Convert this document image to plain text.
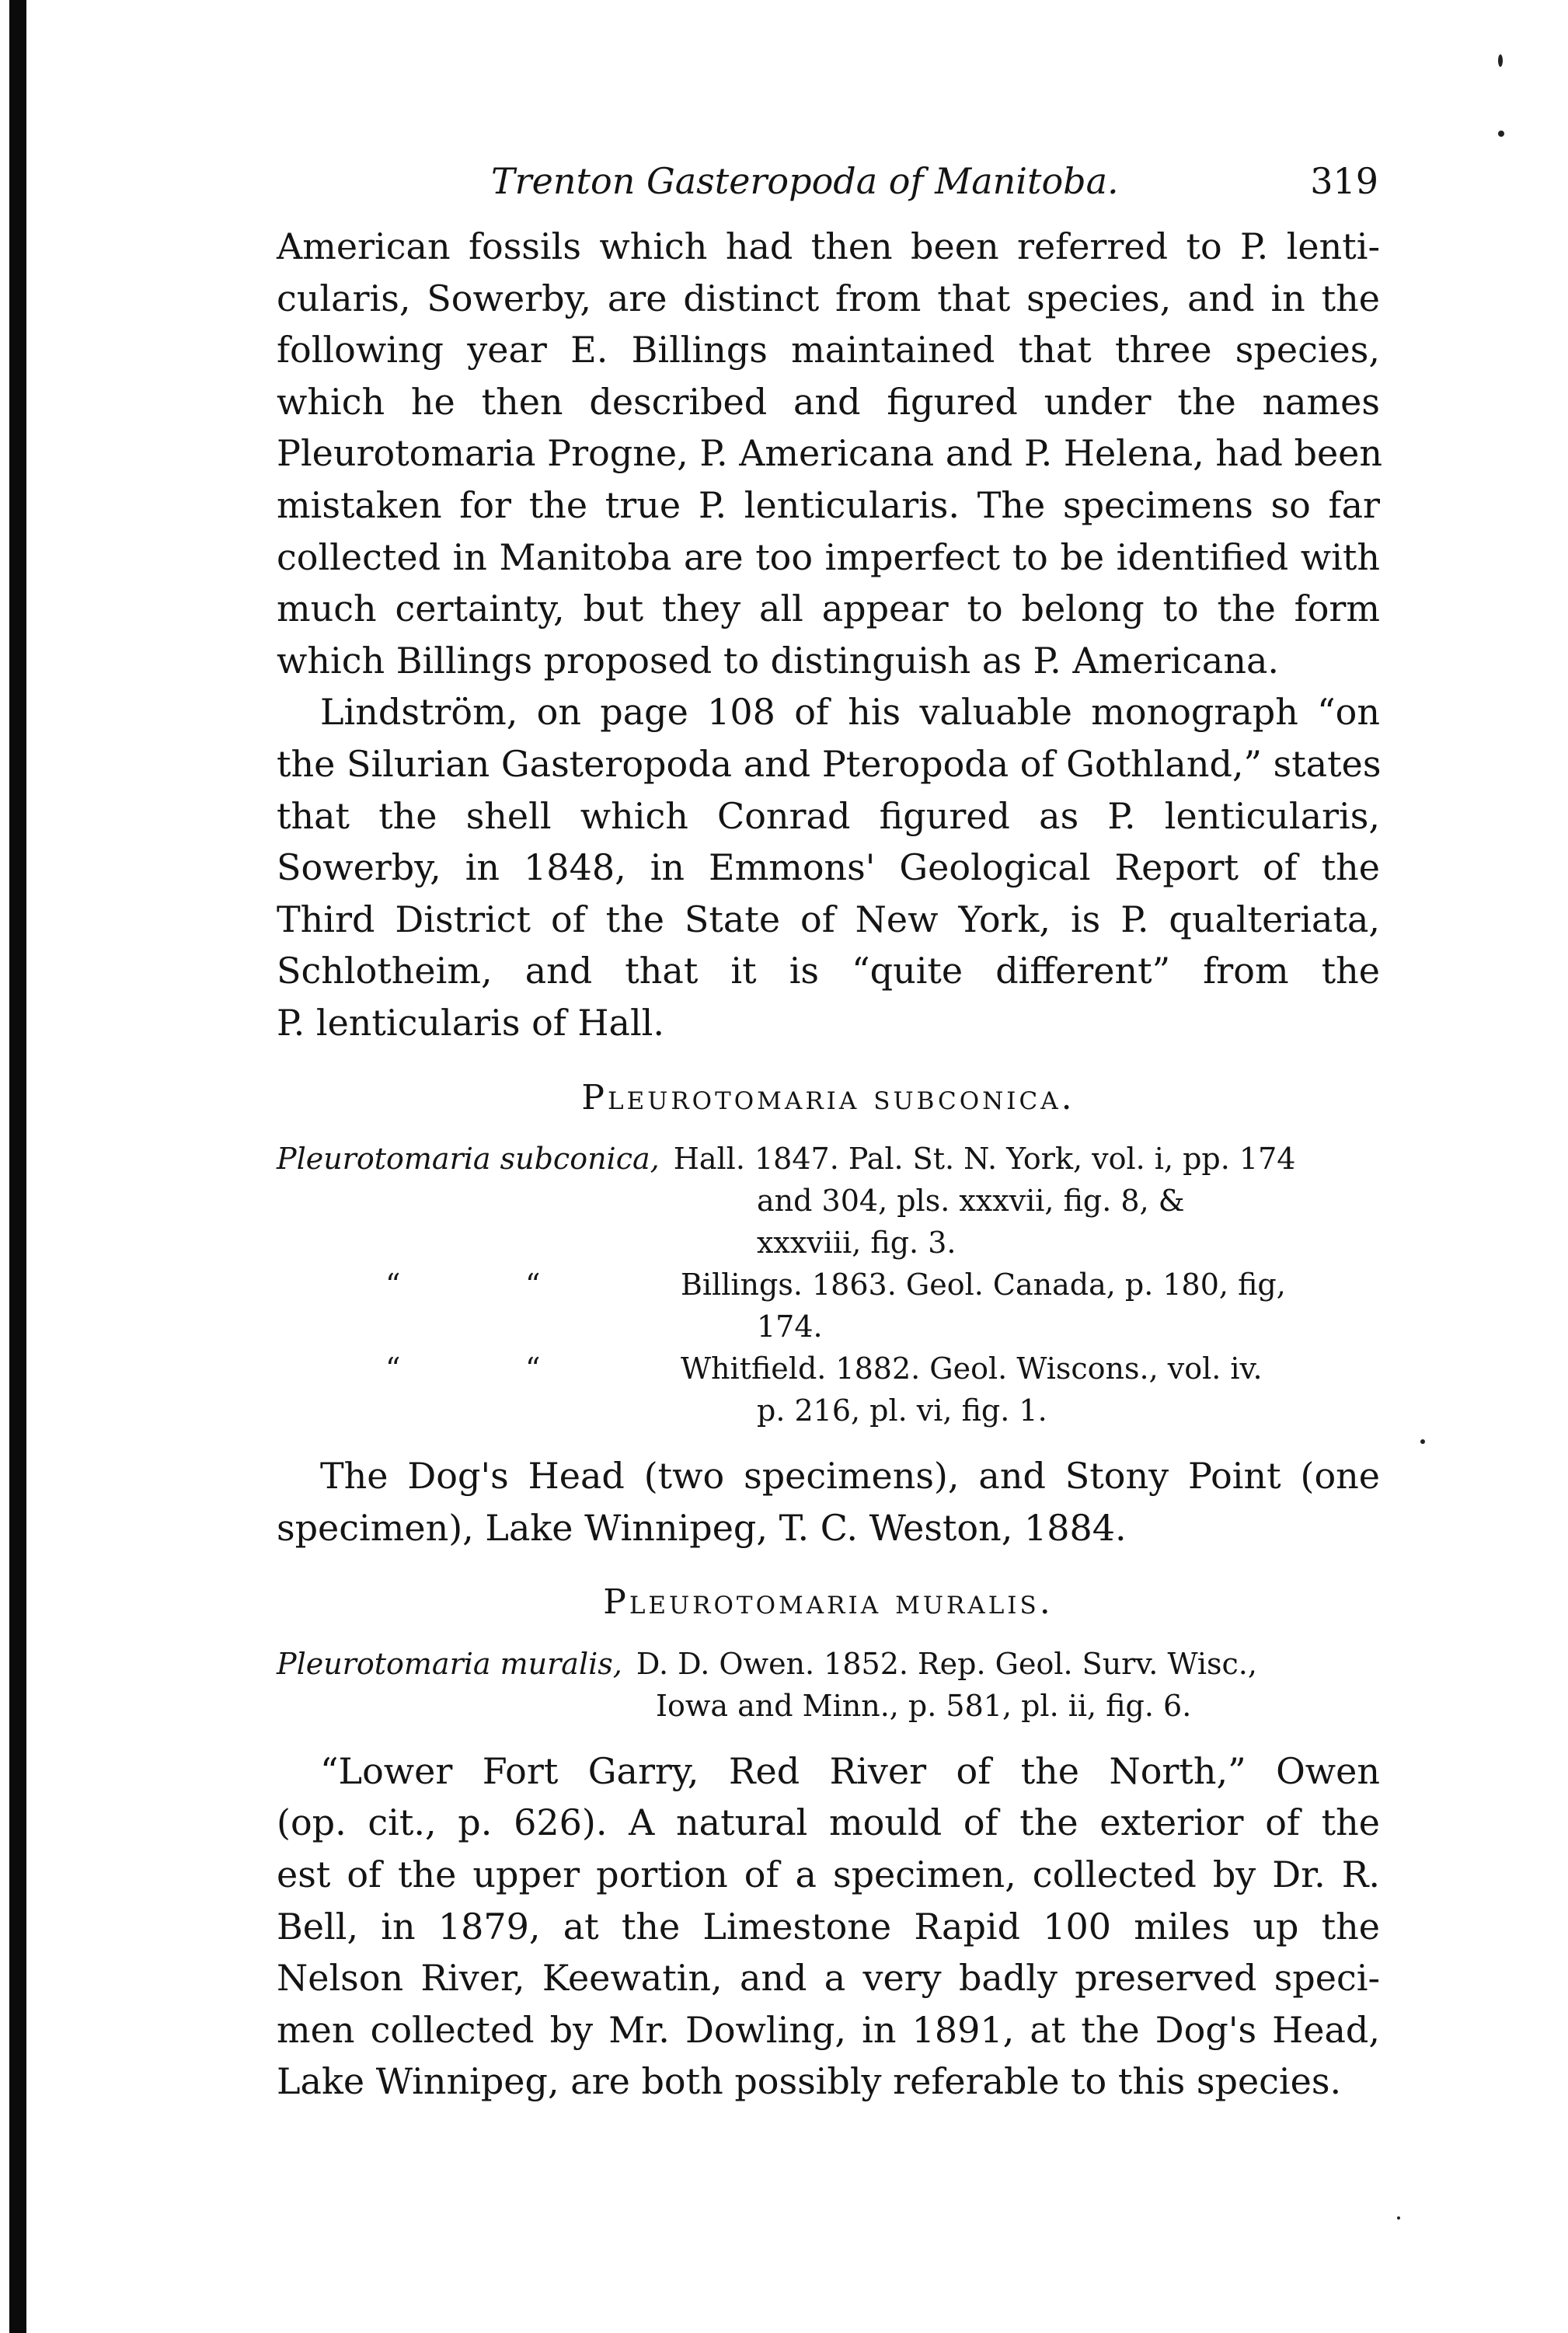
Trenton Gasteropoda of Manitoba.	319

American fossils which had then been referred to P. lenti-

cularis, Sowerby, are distinct from that species, and in the

following year E. Billings maintained that three species,

which he then described and figured under the names

Pleurotomaria Progne, P. Americana and P. Helena, had been

mistaken for the true P. lenticularis. The specimens so far

collected in Manitoba are too imperfect to be identified with

much certainty, but they all appear to belong to the form

which Billings proposed to distinguish as P. Americana.

Lindström, on page 108 of his valuable monograph “on

the Silurian Gasteropoda and Pteropoda of Gothland,” states

that the shell which Conrad figured as P. lenticularis,

Sowerby, in 1848, in Emmons' Geological Report of the

Third District of the State of New York, is P. qualteriata,

Schlotheim, and that it is “quite different” from the

P. lenticularis of Hall.

Pleurotomaria subconica.
Pleurotomaria subconica, Hall. 1847. Pal. St. N. York, vol. i, pp. 174
and 304, pls. xxxvii, fig. 8, &
xxxviii, fig. 3.
“	“	Billings. 1863. Geol. Canada, p. 180, fig,
174.
“	“	Whitfield. 1882. Geol. Wiscons., vol. iv.
p. 216, pl. vi, fig. 1.

The Dog's Head (two specimens), and Stony Point (one

specimen), Lake Winnipeg, T. C. Weston, 1884.

Pleurotomaria muralis.
Pleurotomaria muralis, D. D. Owen. 1852. Rep. Geol. Surv. Wisc.,
Iowa and Minn., p. 581, pl. ii, fig. 6.

“Lower Fort Garry, Red River of the North,” Owen

(op. cit., p. 626). A natural mould of the exterior of the

est of the upper portion of a specimen, collected by Dr. R.

Bell, in 1879, at the Limestone Rapid 100 miles up the

Nelson River, Keewatin, and a very badly preserved speci-

men collected by Mr. Dowling, in 1891, at the Dog's Head,

Lake Winnipeg, are both possibly referable to this species.
